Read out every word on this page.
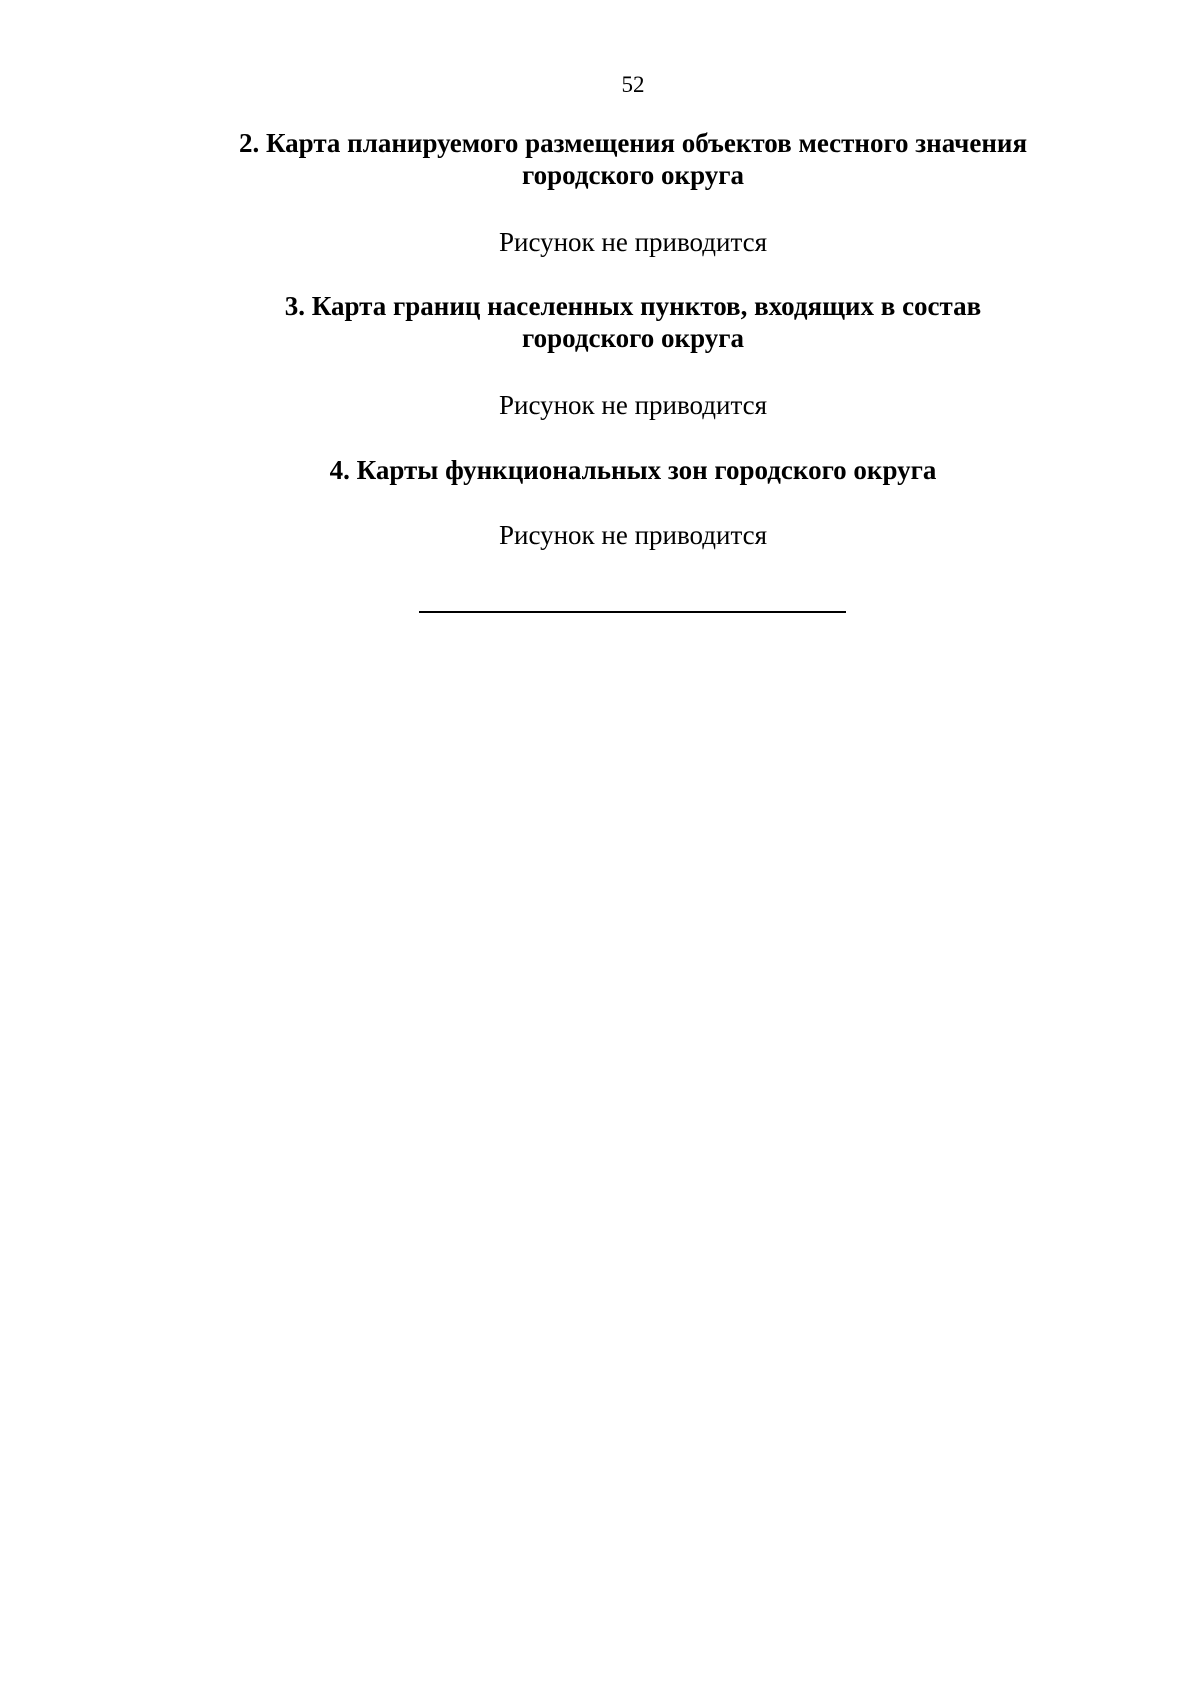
52
2. Карта планируемого размещения объектов местного значения городского округа

Рисунок не приводится

3. Карта границ населенных пунктов, входящих в состав городского округа

Рисунок не приводится

4. Карты функциональных зон городского округа

Рисунок не приводится
